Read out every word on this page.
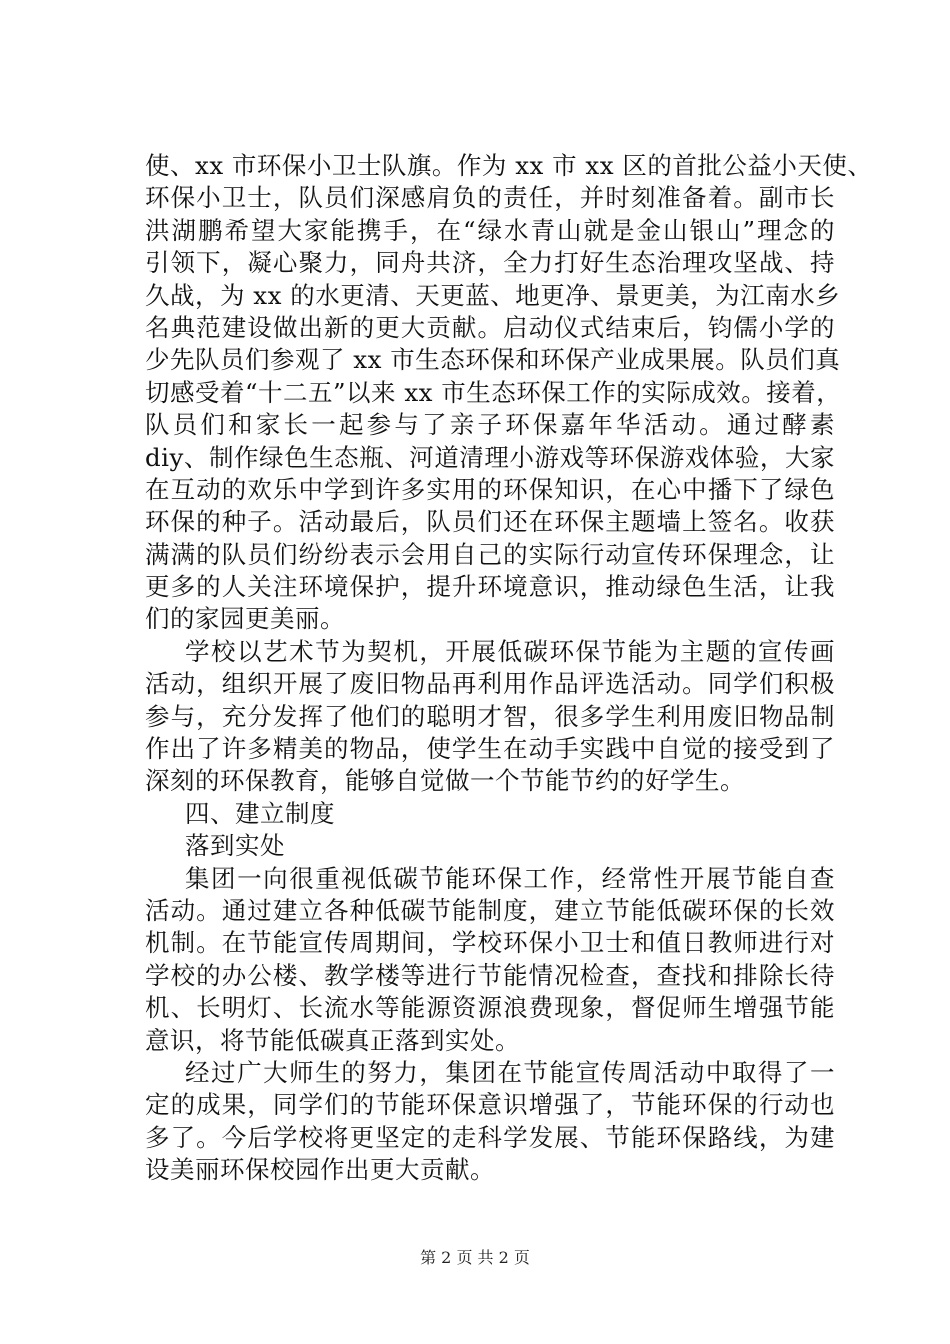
使、xx 市环保小卫士队旗。作为 xx 市 xx 区的首批公益小天使、
环保小卫士，队员们深感肩负的责任，并时刻准备着。副市长
洪湖鹏希望大家能携手，在“绿水青山就是金山银山”理念的
引领下，凝心聚力，同舟共济，全力打好生态治理攻坚战、持
久战，为 xx 的水更清、天更蓝、地更净、景更美，为江南水乡
名典范建设做出新的更大贡献。启动仪式结束后，钧儒小学的
少先队员们参观了 xx 市生态环保和环保产业成果展。队员们真
切感受着“十二五”以来 xx 市生态环保工作的实际成效。接着，
队员们和家长一起参与了亲子环保嘉年华活动。通过酵素
diy、制作绿色生态瓶、河道清理小游戏等环保游戏体验，大家
在互动的欢乐中学到许多实用的环保知识，在心中播下了绿色
环保的种子。活动最后，队员们还在环保主题墙上签名。收获
满满的队员们纷纷表示会用自己的实际行动宣传环保理念，让
更多的人关注环境保护，提升环境意识，推动绿色生活，让我
们的家园更美丽。
学校以艺术节为契机，开展低碳环保节能为主题的宣传画
活动，组织开展了废旧物品再利用作品评选活动。同学们积极
参与，充分发挥了他们的聪明才智，很多学生利用废旧物品制
作出了许多精美的物品，使学生在动手实践中自觉的接受到了
深刻的环保教育，能够自觉做一个节能节约的好学生。
四、建立制度
落到实处
集团一向很重视低碳节能环保工作，经常性开展节能自查
活动。通过建立各种低碳节能制度，建立节能低碳环保的长效
机制。在节能宣传周期间，学校环保小卫士和值日教师进行对
学校的办公楼、教学楼等进行节能情况检查，查找和排除长待
机、长明灯、长流水等能源资源浪费现象，督促师生增强节能
意识，将节能低碳真正落到实处。
经过广大师生的努力，集团在节能宣传周活动中取得了一
定的成果，同学们的节能环保意识增强了，节能环保的行动也
多了。今后学校将更坚定的走科学发展、节能环保路线，为建
设美丽环保校园作出更大贡献。
第 2 页 共 2 页
